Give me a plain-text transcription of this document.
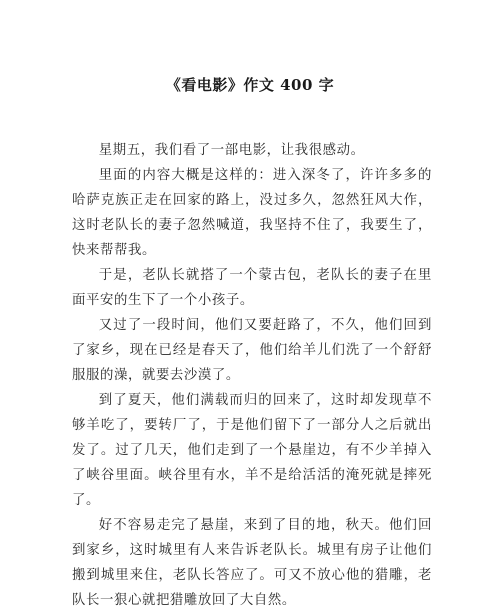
《看电影》作文 400 字

星期五，我们看了一部电影，让我很感动。

里面的内容大概是这样的：进入深冬了，许许多多的哈萨克族正走在回家的路上，没过多久，忽然狂风大作，这时老队长的妻子忽然喊道，我坚持不住了，我要生了，快来帮帮我。

于是，老队长就搭了一个蒙古包，老队长的妻子在里面平安的生下了一个小孩子。

又过了一段时间，他们又要赶路了，不久，他们回到了家乡，现在已经是春天了，他们给羊儿们洗了一个舒舒服服的澡，就要去沙漠了。

到了夏天，他们满载而归的回来了，这时却发现草不够羊吃了，要转厂了，于是他们留下了一部分人之后就出发了。过了几天，他们走到了一个悬崖边，有不少羊掉入了峡谷里面。峡谷里有水，羊不是给活活的淹死就是摔死了。

好不容易走完了悬崖，来到了目的地，秋天。他们回到家乡，这时城里有人来告诉老队长。城里有房子让他们搬到城里来住，老队长答应了。可又不放心他的猎雕，老队长一狠心就把猎雕放回了大自然。
